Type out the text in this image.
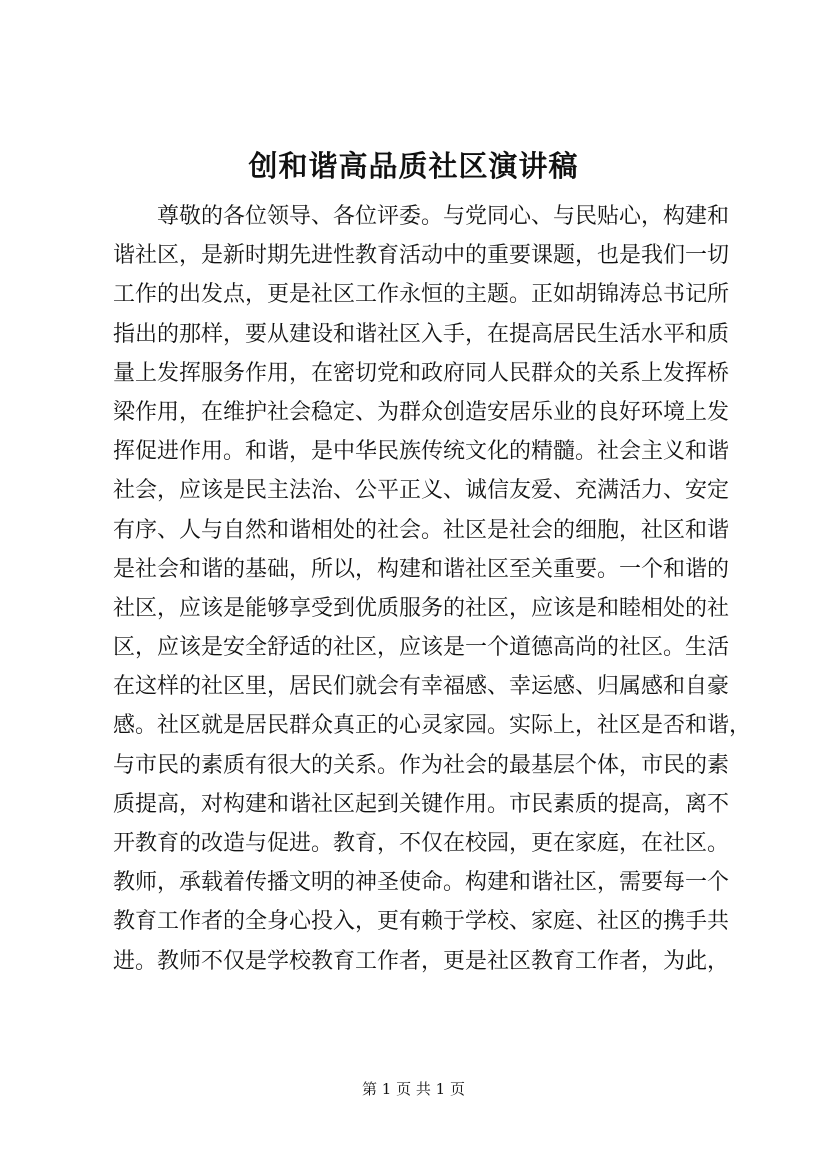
创和谐高品质社区演讲稿
尊敬的各位领导、各位评委。与党同心、与民贴心，构建和
谐社区，是新时期先进性教育活动中的重要课题，也是我们一切
工作的出发点，更是社区工作永恒的主题。正如胡锦涛总书记所
指出的那样，要从建设和谐社区入手，在提高居民生活水平和质
量上发挥服务作用，在密切党和政府同人民群众的关系上发挥桥
梁作用，在维护社会稳定、为群众创造安居乐业的良好环境上发
挥促进作用。和谐，是中华民族传统文化的精髓。社会主义和谐
社会，应该是民主法治、公平正义、诚信友爱、充满活力、安定
有序、人与自然和谐相处的社会。社区是社会的细胞，社区和谐
是社会和谐的基础，所以，构建和谐社区至关重要。一个和谐的
社区，应该是能够享受到优质服务的社区，应该是和睦相处的社
区，应该是安全舒适的社区，应该是一个道德高尚的社区。生活
在这样的社区里，居民们就会有幸福感、幸运感、归属感和自豪
感。社区就是居民群众真正的心灵家园。实际上，社区是否和谐，
与市民的素质有很大的关系。作为社会的最基层个体，市民的素
质提高，对构建和谐社区起到关键作用。市民素质的提高，离不
开教育的改造与促进。教育，不仅在校园，更在家庭，在社区。
教师，承载着传播文明的神圣使命。构建和谐社区，需要每一个
教育工作者的全身心投入，更有赖于学校、家庭、社区的携手共
进。教师不仅是学校教育工作者，更是社区教育工作者，为此，
第 1 页 共 1 页
